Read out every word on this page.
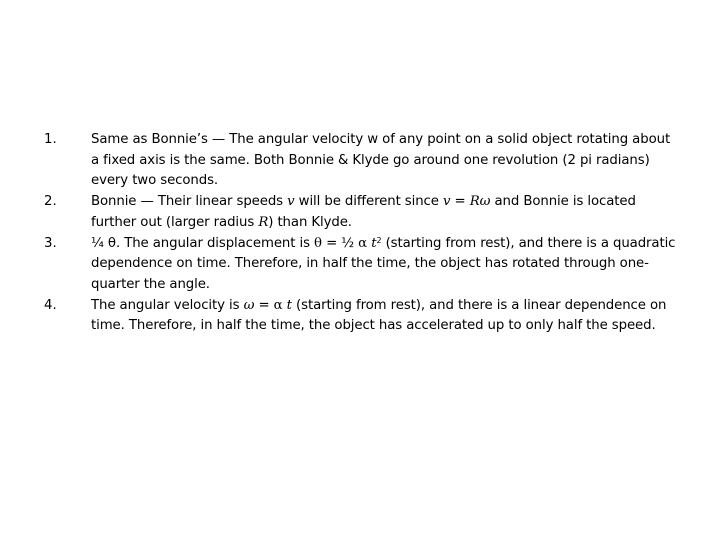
1.	Same as Bonnie’s — The angular velocity w of any point on a solid object rotating about a fixed axis is the same. Both Bonnie & Klyde go around one revolution (2 pi radians) every two seconds.
2.	Bonnie — Their linear speeds v will be different since v = Rω and Bonnie is located further out (larger radius R) than Klyde.
3.	¼ θ. The angular displacement is θ = ½ α $t^2$ (starting from rest), and there is a quadratic dependence on time. Therefore, in half the time, the object has rotated through one-quarter the angle.
4.	The angular velocity is ω = α t (starting from rest), and there is a linear dependence on time. Therefore, in half the time, the object has accelerated up to only half the speed.
